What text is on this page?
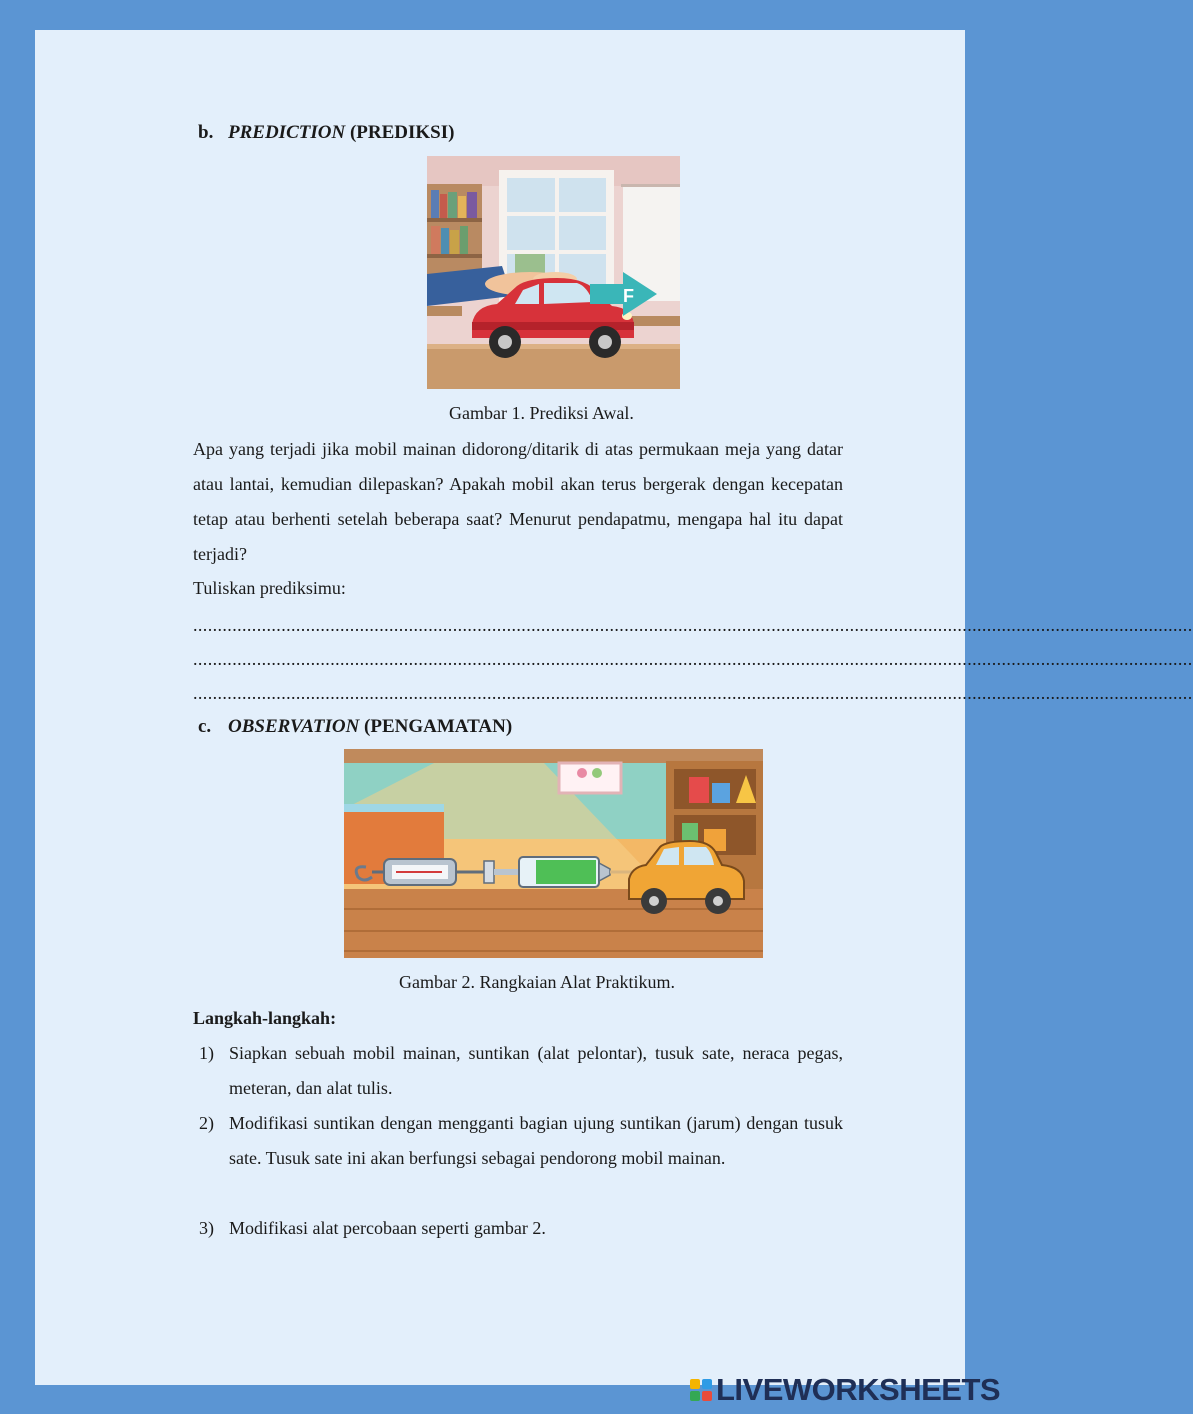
b. PREDICTION (PREDIKSI)
F
Gambar 1. Prediksi Awal.
Apa yang terjadi jika mobil mainan didorong/ditarik di atas permukaan meja yang datar atau lantai, kemudian dilepaskan? Apakah mobil akan terus bergerak dengan kecepatan tetap atau berhenti setelah beberapa saat? Menurut pendapatmu, mengapa hal itu dapat terjadi?
Tuliskan prediksimu:
............................................................................................................................................................................................................
............................................................................................................................................................................................................
............................................................................................................................................................................................................
c. OBSERVATION (PENGAMATAN)
Gambar 2. Rangkaian Alat Praktikum.
Langkah-langkah:
1) Siapkan sebuah mobil mainan, suntikan (alat pelontar), tusuk sate, neraca pegas, meteran, dan alat tulis.
2) Modifikasi suntikan dengan mengganti bagian ujung suntikan (jarum) dengan tusuk sate. Tusuk sate ini akan berfungsi sebagai pendorong mobil mainan.
3) Modifikasi alat percobaan seperti gambar 2.
LIVEWORKSHEETS
